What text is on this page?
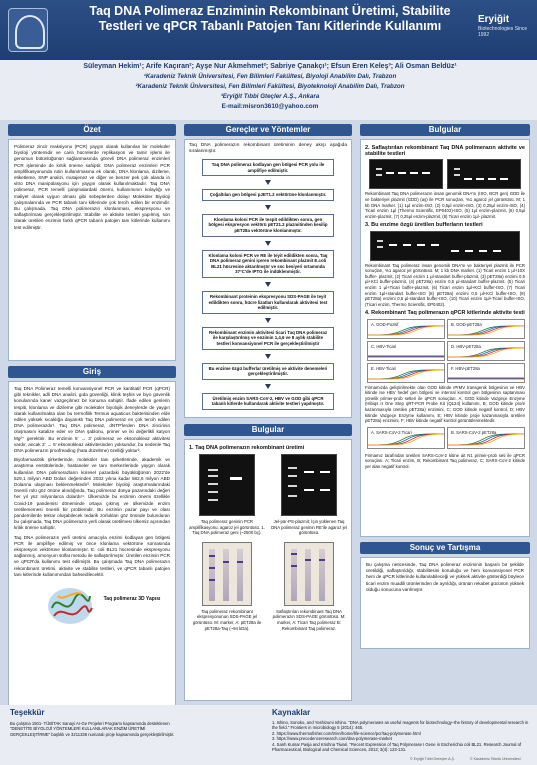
Taq DNA Polimeraz Enziminin Rekombinant Üretimi, Stabilite Testleri ve qPCR Tabanlı Patojen Tanı Kitlerinde Kullanımı	Eryiğit
Biotechnologies Since 1992
Süleyman Hekim¹; Arife Kaçıran²; Ayşe Nur Akmehmet²; Sabriye Çanakçı¹; Efsun Eren Keleş³; Ali Osman Beldüz¹
¹Karadeniz Teknik Üniversitesi, Fen Bilimleri Fakültesi, Biyoloji Anabilim Dalı, Trabzon
²Karadeniz Teknik Üniversitesi, Fen Bilimleri Fakültesi, Biyoteknoloji Anabilim Dalı, Trabzon
³Eryiğit Tıbbi Gteçler A.Ş., Ankara
E-mail:misron3610@yahoo.com
Özet
Polimeraz zincir reaksiyonu (PCR) yaygın olarak kullanılan bir moleküler biyoloji yöntemidir ve canlı hücrelerde replikasyon ve tamir işlemi ile genomun bütünlüğünün sağlanmasında görevli DNA polimeraz enzimleri PCR işleminde de kritik öneme sahiptir. DNA polimeraz enzimleri PCR amplifikasyonunda rutin kullanılmasına ek olarak, DNA klonlama, dizileme, etiketleme, SNP analizi, mutajenez ve diğer ve benzer pek çok alanda in vitro DNA manipülasyonu için yaygın olarak kullanılmaktadır. Taq DNA polimeraz, PCR temelli çalışmalardaki önemi, kullanımının kolaylığı ve maliyet olarak uygun olması gibi sebeplerden dolayı Moleküler Biyoloji çalışmalarında ve PCR tabanlı tanı kitlerinde çok tercih edilen bir enzimdir. Bu çalışmada, Taq DNA polimerazın klonlanması, ekspresyonu ve saflaştırılması gerçekleştirilmiştir. Stabilite ve aktivite testleri yapılmış, son olarak üretilen enzimin farklı qPCR tabanlı patojen tanı kitlerinde kullanımı test edilmiştir.
Giriş

Taq DNA Polimeraz temelli konvansiyonel PCR ve kantitatif PCR (qPCR) gibi teknikler, adli DNA analizi, gıda güvenliği, klinik teşhis ve biyo güvenlik konularında kaner vazgeçilmez bir konuma sahiptir. İfade edilen genlerin tespiti, klonlama ve dizileme gibi moleküler biyolojik deneylerde de yaygın olarak kullanılmakta olan bu termofilik Termus aquaticus bakterisinden elde edilen yüksek sıcaklığa dayanıklı Taq DNA polimeraz en çok tercih edilen DNA polimerazdır¹. Taq DNA polimeraz, dNTP'lerden DNA zincirinin oluşmasını katalize eder ve DNA şablonu, primer ve iki değerlikli katyon Mg²⁺ gerektirir. Bu enzimin 5' → 3' polimeraz ve eksonükleaz aktivitesi vardır, ancak 3' → 5' eksonükleaz aktivitesinden yoksundur, bu nedenle Taq DNA polimerazın proofreading (hata düzeltme) özelliği yoktur².

Biyofarmasötik şirketlerinde, moleküler tanı şirketlerinde, akademik ve araştırma enstitülerinde, hastaneler ve tanı merkezlerinde yaygın olarak kullanılan DNA polimerazların küresel pazardaki büyüklüğünün 2022'de 529,1 milyon ABD Doları değerinden 2032 yılına kadar 582,6 milyon ABD Dolarına ulaşması beklenmektedir³. Moleküler biyoloji araştırmalarındaki önemli rolü göz önüne alındığında, Taq polimeraz dünya pazarındaki değeri her yıl yüz milyonlarca dolardır⁴. Ülkemizde bu enzimin önemi özellikle Covid-19 pandemisi döneminde ortaya çıkmış ve ülkemizde enzim üretilememesi önemli bir problemdir. Bu enzimin pazar payı ve olası pandemilerde tekrar oluşabilecek tedarik zorlukları göz önünde bulunduran bu çalışmada, Taq DNA polimerazın yerli olarak üretilmesi ülkemiz açısından kritik öneme sahiptir.

Taq DNA polimerazın yerli üretimi amacıyla enzimi kodlayan gen bölgesi PCR ile amplifiye edilmiş ve önce klonlama vektörüne sonrasında ekspresyon vektörüne klonlanmıştır. E. coli BL21 hücresinde ekspresyonu sağlanmış, amonyum sülfat metodu ile saflaştırılmıştır. Üretilen enzimin PCR ve qPCR'da kullanımı test edilmiştir. Bu çalışmada Taq DNA polimerazın rekombinant üretimi, aktivite ve stabilite testleri, ve qPCR tabanlı patojen tanı kitlerinde kullanımından bahsedilecektir.

Taq polimeraz 3D Yapısı
Gereçler ve Yöntemler
Taq DNA polimerazın rekombinant üretiminin deney akışı aşağıda sıralanmıştır.
Taq DNA polimeraz kodlayan gen bölgesi PCR yolu ile amplifiye edilmiştir.
Çoğaltılan gen bölgesi pJET1.2 vektörüne klonlanmıştır.
Klonlama koloni PCR ile tespit edildikten sonra, gen bölgesi ekspresyon vektörü pET21.2 plazmitinden kesilip pET28a vektörüne klonlanmıştır.
Klonlama koloni PCR ve RE ile teyit edildikten sonra, Taq DNA polimeraz genini içeren rekombinant plazmit E.coli BL21 hücresine aktarılmıştır ve ssc besiyeri ortamında 37°C'de IPTG ile indüklenmiştir.
Rekombinant proteinin ekspresyonu SDS-PAGE ile teyit edildikten sonra, hücre lizatları kullanılarak aktivitesi test edilmiştir.
Rekombinant enzimin aktivitesi ticari Taq DNA polimeraz ile karşılaştırılmış ve enzimin 1,4,6 ve 8 aylık stabilite testleri konvansiyonel PCR ile gerçekleştirilmiştir
Bu enzime özgü bufferlar üretilmiş ve aktivite denemeleri gerçekleştirilmiştir.
Üretilmiş enzim SARS-CoV-2, HBV ve GOD gibi qPCR tabanlı kitlerde kullanılarak aktivite testleri yapılmıştır.
Bulgular
1. Taq DNA polimerazın rekombinant üretimi
Taq polimeraz geninin PCR amplifikasyonu, agaroz jel görüntüsü. 1. Taq DNA polimeraz geni (~2500 bç).
Jel-pür-PS-plazmit; İçin yüklenen Taq DNA polimeraz geninin RE'ile agaroz jel görüntüsü.
Taq polimeraz rekombinant ekspresyonunun SDS-PAGE jel görüntüsü. M: marker, A: pET28a ile pET28a-Taq (~94 kDa).
Saflaştırılan rekombinant Taq DNA polimerazın SDS-PAGE görüntüsü. M: marker, A: Ticari Taq polimeraz B: Rekombinant Taq polimeraz.
Bulgular
2. Saflaştırılan rekombinant Taq DNA polimerazın aktivite ve stabilite testleri
Rekombinant Taq DNA polimerazın insan genomik DNA'sı (ISO, BCR gen) GDD ile ve bakteriyel plazmit (GDD) (aş) ile PCR sonuçları, %1 agaroz jel görüntüsü. M; 1 kb DNA marker. (1) 1µl enzim-ISO, (2) 0,5µl enzim-ISO, (3) 0,25µl enzim-ISO, (4) Ticari enzim 1µl (Thermo Scientific, EP0402)-ISO, (5) 1µl enzim-plazmit, (6) 0,5µl enzim-plazmit, (7) 0,25µl enzim-plazmit, (8) Ticari enzim 1µl- plazmit.
3. Bu enzime özgü üretilen bufferların testleri
Rekombinant Taq polimeraz insan genomik DNA'sı ve bakteriyel plazmit ile PCR sonuçları, %1 agaroz jel görüntüsü. M; 1 kb DNA marker. (1) Ticari enzim 1 µl+10X buffer- plazmit, (2) Ticari enzim 1 µl-standart buffer-plazmit, (3) pET28a) enzimi 0,5 µl+KCl buffer-plazmit, (4) pET28a) enzim 0,5 µl-standart buffer-plazmit, (5) Ticari enzim 1 µl+Ticari buffer-plazmit, (6) Ticari enzim 1µl+KCl buffer-ISO, (7) Ticari enzim 1µl+standart buffer-ISO (8) pET28a) enzimi 0,5 µl+KCl buffer-ISO, (9) pET28a) enzimi 0,5 µl-standart buffer-ISO, (10) Ticari enzim 1µl+Ticari buffer-ISO, (Ticari enzim, Thermo Scientific, EP0402).
4. Rekombinant Taq polimerazın qPCR kitlerinde aktivite testi
A. GOD-Pozitif	B. GOD-pET28a
C. HBV-Ticari	D. HBV-pET28a
E. HBV-Ticari	F. HBV-pET28a
Firmamızda geliştirilmekte olan GOD kitinde ıPrMV transgenik bölgesinin ve HBV kitinde ise HBV hedef gen bölgesi ve internal kontrol gen bölgesinin saptanması yönelik primer-prob setleri ile qPCR sonuçları. A; GOD kitinde Vazgeçe Enzyme (Hibiqs II One Step qRT-PCR Probe Kit (Q124) kullanımı, B; GOD kitinde pro/e kazanmasıyla üretilen pET28a) enzimini, C; GOD kitinde negatif kontrol, D; HBV kitinde Vazgeçe Enzyme kullanımı, E; HBV kitinde proje kazanmasıyla üretilen pET28a) enzimini, F; HBV kitinde negatif kontrol görüntülenmektedir.
A. SARS-CoV-2 Ticari	B. SARS-CoV-2 pET28a
Firmamız tarafından üretilen SARS-CoV-2 kitine ait N1 primer-prob seti ile qPCR sonuçları. A; Ticari enzim, B; Rekombinant Taq polimeraz, C; SARS-CoV-2 kitinde yer alan negatif kontrol.
Sonuç ve Tartışma
Bu çalışma neticesinde, Taq DNA polimeraz enziminin başarılı bir şekilde üretildiği, saflaştırıldığı, stabilitesini koruduğu ve hem konvansiyonel PCR hem de qPCR kitlerinde kullanılabileceği ve yüksek aktivite gösterdiği böylece ticari enzim muadili ürünlerinden de ayrıldığı, ürünün rekabet gücünün yüksek olduğu sonucuna varılmıştır.
Teşekkür
Bu çalışma 1501- TÜBİTAK Sanayi Ar-Ge Projeleri Programı kapsamında desteklenen "DENETİTE BİYOLOJİ YÖNTEMLERİ KULLANILARAK ENZİM ÜRETİMİ GERÇEKLEŞTİRME" başlıklı ve 3211336 numaralı proje kapsamında gerçekleştirilmiştir.
Kaynaklar
1. Ishino, Sonoko, and Yoshizumi Ishino. "DNA polymerases as useful reagents for biotechnology–the history of developmental research in the field." Frontiers in microbiology 5 (2014): 465.
2. https://www.thermofisher.com/tr/en/home/life-science/pcr/taq-polymerase.html
3. https://www.precedenceresearch.com/dna-polymerase-market
4. Sanh Kumar Pasja and Krishna Tiwari. "Recent Expression of Taq Polymerase I Gene in Escherichia coli BL21. Research Journal of Pharmaceutical, Biological and Chemical Sciences, 2012; 3(4): 123-131.
© Eryiğit Tıbbi Gereçler A.Ş.	© Karadeniz Teknik Üniversitesi
